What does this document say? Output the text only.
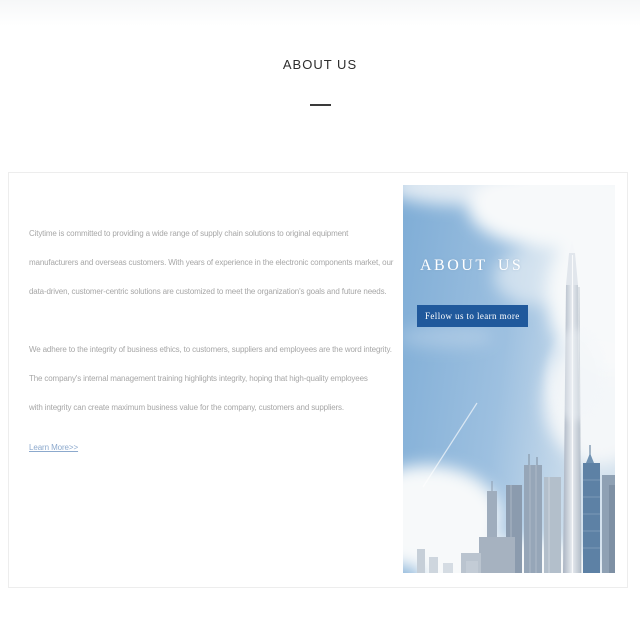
ABOUT US

Citytime is committed to providing a wide range of supply chain solutions to original equipment
manufacturers and overseas customers. With years of experience in the electronic components market, our
data-driven, customer-centric solutions are customized to meet the organization's goals and future needs.

We adhere to the integrity of business ethics, to customers, suppliers and employees are the word integrity.
The company's internal management training highlights integrity, hoping that high-quality employees
with integrity can create maximum business value for the company, customers and suppliers.

Learn More>>
ABOUT US
Fellow us to learn more
